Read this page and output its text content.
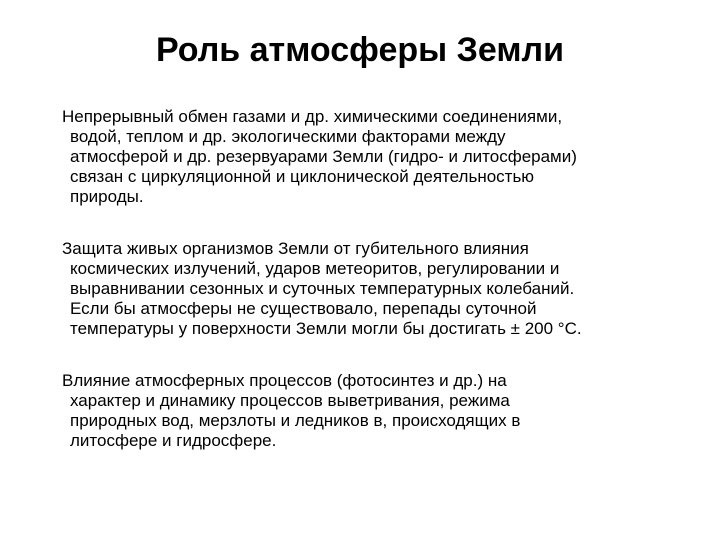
Роль атмосферы Земли

Непрерывный обмен газами и др. химическими соединениями,
водой, теплом и др. экологическими факторами между
атмосферой и др. резервуарами Земли (гидро- и литосферами)
связан с циркуляционной и циклонической деятельностью
природы.

Защита живых организмов Земли от губительного влияния
космических излучений, ударов метеоритов, регулировании и
выравнивании сезонных и суточных температурных колебаний.
Если бы атмосферы не существовало, перепады суточной
температуры у поверхности Земли могли бы достигать ± 200 °С.

Влияние атмосферных процессов (фотосинтез и др.) на
характер и динамику процессов выветривания, режима
природных вод, мерзлоты и ледников в, происходящих в
литосфере и гидросфере.
